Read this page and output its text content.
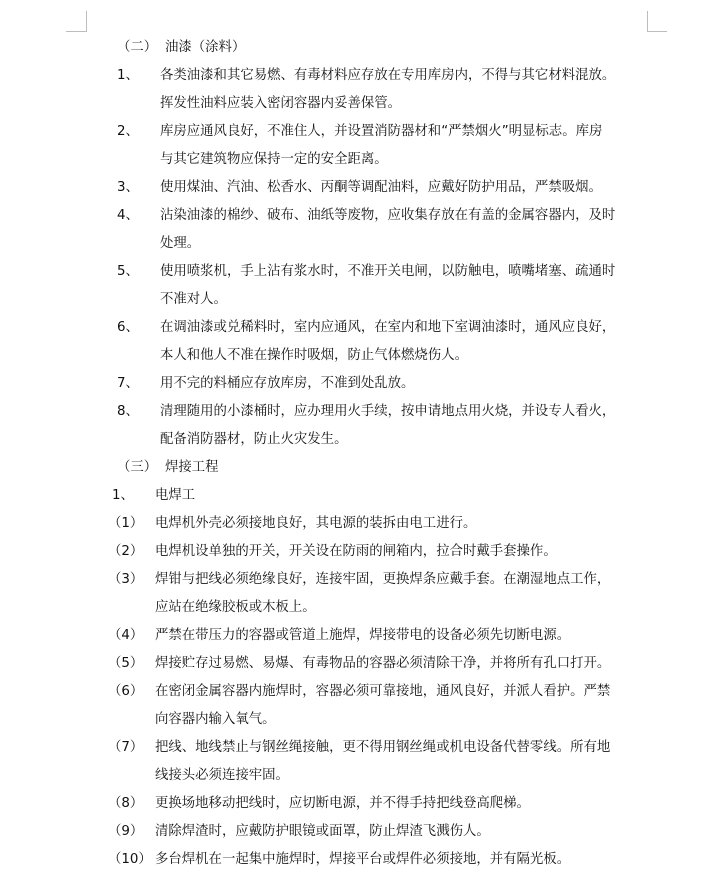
（二） 油漆（涂料）
1、 各类油漆和其它易燃、有毒材料应存放在专用库房内，不得与其它材料混放。
挥发性油料应装入密闭容器内妥善保管。
2、 库房应通风良好，不准住人，并设置消防器材和“严禁烟火”明显标志。库房
与其它建筑物应保持一定的安全距离。
3、 使用煤油、汽油、松香水、丙酮等调配油料，应戴好防护用品，严禁吸烟。
4、 沾染油漆的棉纱、破布、油纸等废物，应收集存放在有盖的金属容器内，及时
处理。
5、 使用喷浆机，手上沾有浆水时，不准开关电闸，以防触电，喷嘴堵塞、疏通时
不准对人。
6、 在调油漆或兑稀料时，室内应通风，在室内和地下室调油漆时，通风应良好，
本人和他人不准在操作时吸烟，防止气体燃烧伤人。
7、 用不完的料桶应存放库房，不准到处乱放。
8、 清理随用的小漆桶时，应办理用火手续，按申请地点用火烧，并设专人看火，
配备消防器材，防止火灾发生。
（三） 焊接工程
1、 电焊工
（1） 电焊机外壳必须接地良好，其电源的装拆由电工进行。
（2） 电焊机设单独的开关，开关设在防雨的闸箱内，拉合时戴手套操作。
（3） 焊钳与把线必须绝缘良好，连接牢固，更换焊条应戴手套。在潮湿地点工作，
应站在绝缘胶板或木板上。
（4） 严禁在带压力的容器或管道上施焊，焊接带电的设备必须先切断电源。
（5） 焊接贮存过易燃、易爆、有毒物品的容器必须清除干净，并将所有孔口打开。
（6） 在密闭金属容器内施焊时，容器必须可靠接地，通风良好，并派人看护。严禁
向容器内输入氧气。
（7） 把线、地线禁止与钢丝绳接触，更不得用钢丝绳或机电设备代替零线。所有地
线接头必须连接牢固。
（8） 更换场地移动把线时，应切断电源，并不得手持把线登高爬梯。
（9） 清除焊渣时，应戴防护眼镜或面罩，防止焊渣飞溅伤人。
（10） 多台焊机在一起集中施焊时，焊接平台或焊件必须接地，并有隔光板。
